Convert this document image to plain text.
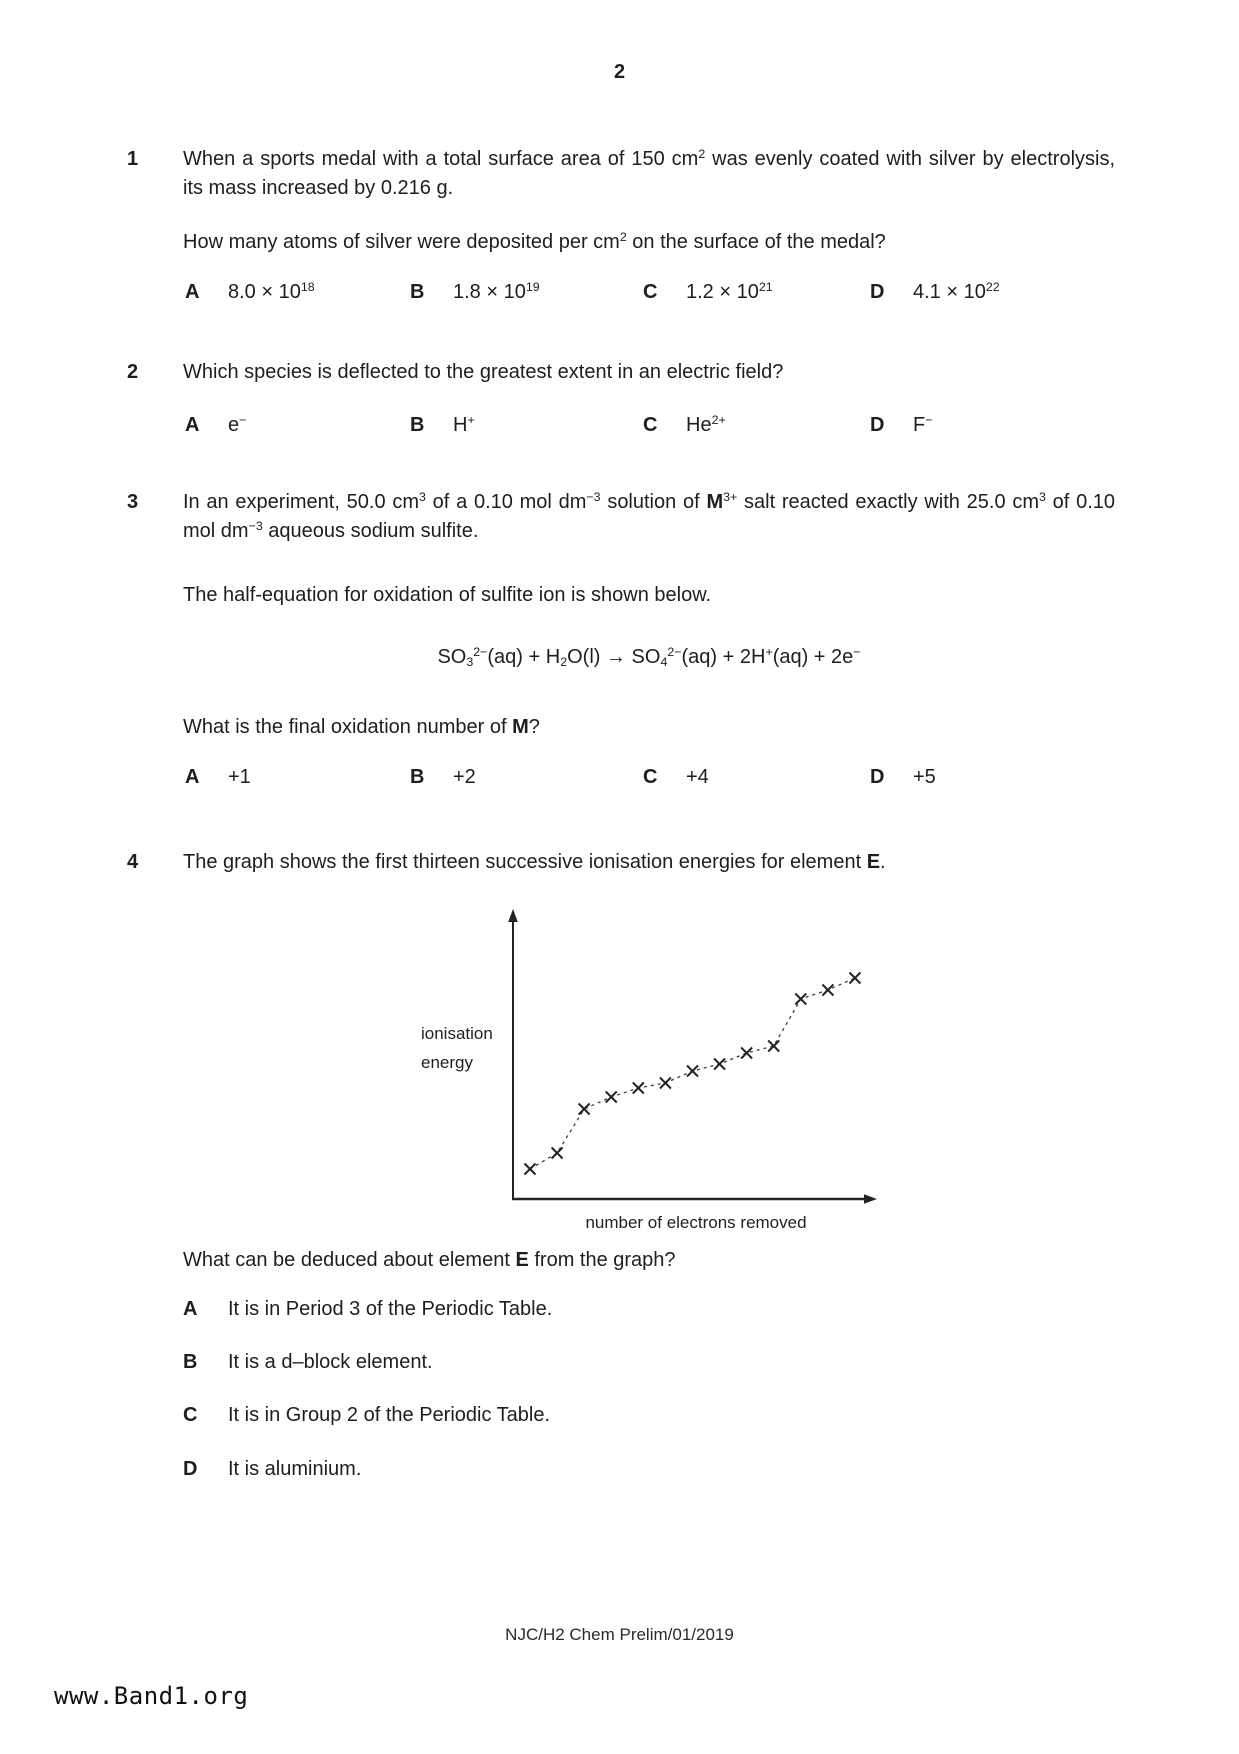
2
1	When a sports medal with a total surface area of 150 $cm^2$ was evenly coated with silver by electrolysis, its mass increased by 0.216 g.
How many atoms of silver were deposited per $cm^2$ on the surface of the medal?
A $8.0 \times 10^{18}$	B $1.8 \times 10^{19}$	C $1.2 \times 10^{21}$	D $4.1 \times 10^{22}$
2	Which species is deflected to the greatest extent in an electric field?
A e−	B H+	C $He^{2+}$	D F−
3	In an experiment, 50.0 $cm^3$ of a 0.10 mol $dm^{-3}$ solution of $M^{3+}$ salt reacted exactly with 25.0 $cm^3$ of 0.10 mol $dm^{-3}$ aqueous sodium sulfite.
The half-equation for oxidation of sulfite ion is shown below.
$SO_3^{2-}(aq) + H_2O(l) \to SO_4^{2-}(aq) + 2H^+(aq) + 2e^-$
What is the final oxidation number of M?
A +1	B +2	C +4	D +5
4	The graph shows the first thirteen successive ionisation energies for element E.
ionisation
energy
number of electrons removed
What can be deduced about element E from the graph?
A It is in Period 3 of the Periodic Table.
B It is a d–block element.
C It is in Group 2 of the Periodic Table.
D It is aluminium.
NJC/H2 Chem Prelim/01/2019
www.Band1.org
